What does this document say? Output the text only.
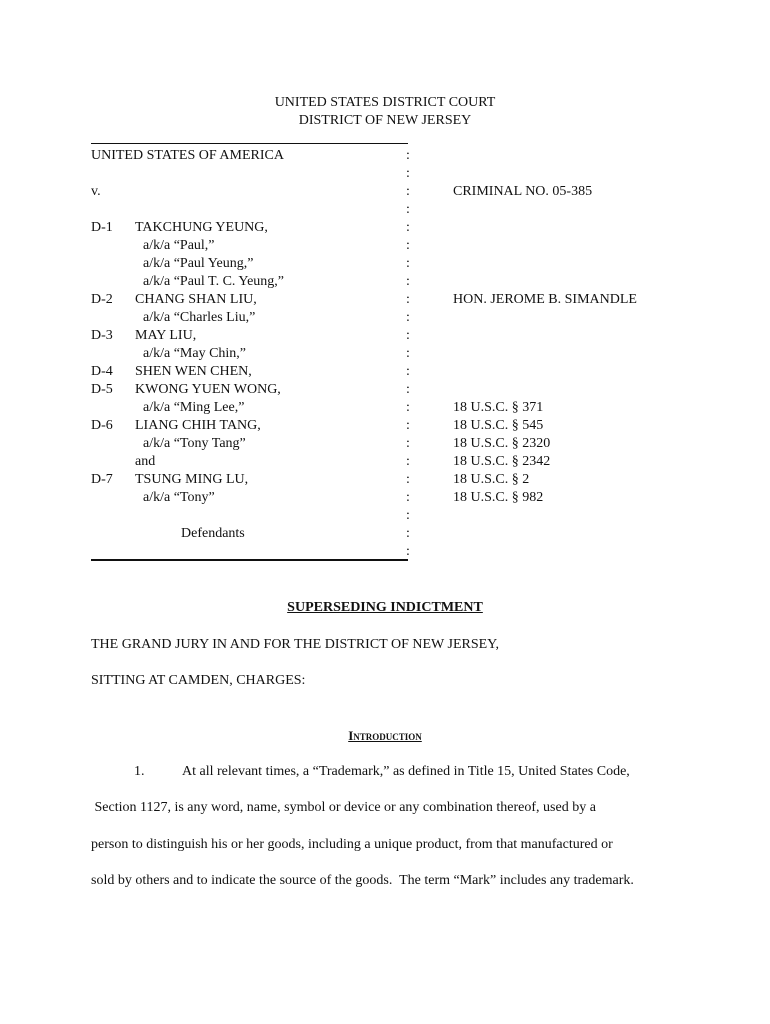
UNITED STATES DISTRICT COURT
DISTRICT OF NEW JERSEY
UNITED STATES OF AMERICA
v.
D-1 TAKCHUNG YEUNG,
a/k/a “Paul,”
a/k/a “Paul Yeung,”
a/k/a “Paul T. C. Yeung,”
D-2 CHANG SHAN LIU,
a/k/a “Charles Liu,”
D-3 MAY LIU,
a/k/a “May Chin,”
D-4 SHEN WEN CHEN,
D-5 KWONG YUEN WONG,
a/k/a “Ming Lee,”
D-6 LIANG CHIH TANG,
a/k/a “Tony Tang”
and
D-7 TSUNG MING LU,
a/k/a “Tony”
Defendants
:
:
:
:
:
:
:
:
:
:
:
:
:
:
:
:
:
:
:
:
:
:
:
CRIMINAL NO. 05-385
HON. JEROME B. SIMANDLE
18 U.S.C. § 371
18 U.S.C. § 545
18 U.S.C. § 2320
18 U.S.C. § 2342
18 U.S.C. § 2
18 U.S.C. § 982
SUPERSEDING INDICTMENT
THE GRAND JURY IN AND FOR THE DISTRICT OF NEW JERSEY,
SITTING AT CAMDEN, CHARGES:
Introduction
1.	At all relevant times, a “Trademark,” as defined in Title 15, United States Code,
Section 1127, is any word, name, symbol or device or any combination thereof, used by a
person to distinguish his or her goods, including a unique product, from that manufactured or
sold by others and to indicate the source of the goods.  The term “Mark” includes any trademark.
